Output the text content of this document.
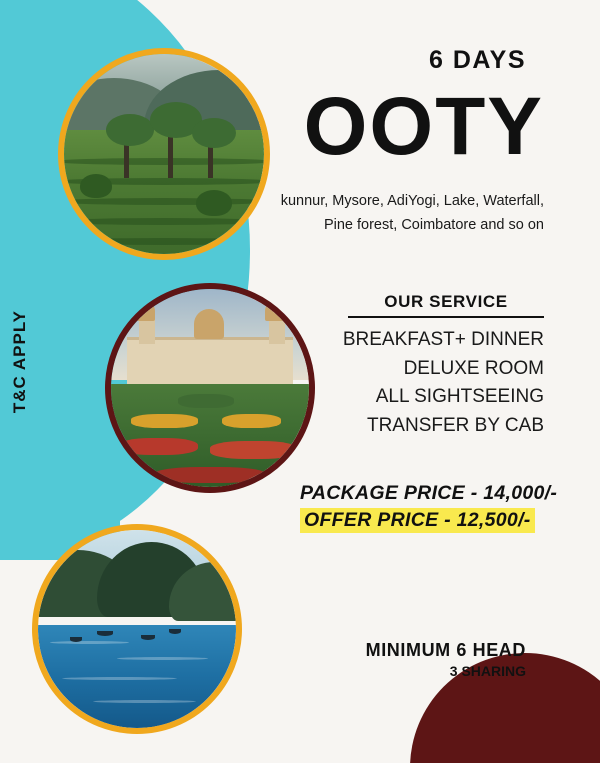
T&C APPLY
6 DAYS
OOTY
kunnur, Mysore, AdiYogi, Lake, Waterfall, Pine forest, Coimbatore and so on
OUR SERVICE
BREAKFAST+ DINNER
DELUXE ROOM
ALL SIGHTSEEING
TRANSFER BY CAB
PACKAGE PRICE - 14,000/- OFFER PRICE - 12,500/-
MINIMUM 6 HEAD
3 SHARING
